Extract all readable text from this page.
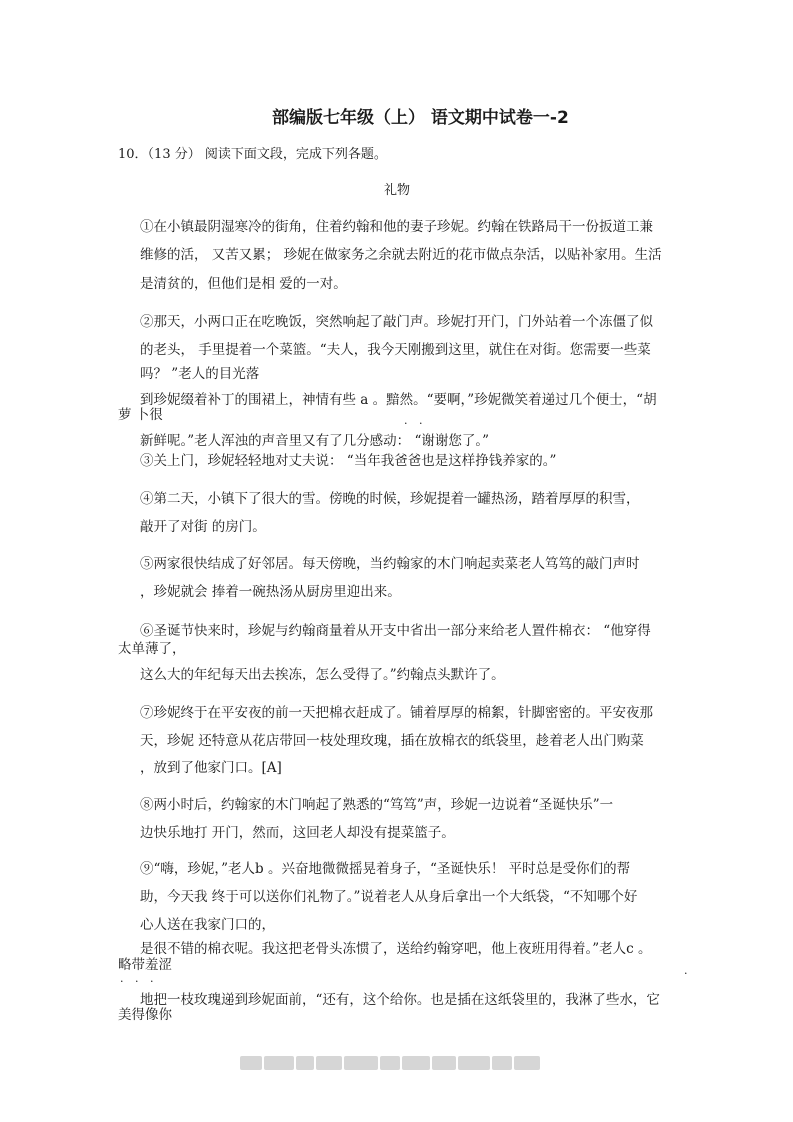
部编版七年级（上） 语文期中试卷一-2
10．（13 分） 阅读下面文段，完成下列各题。
礼物
①在小镇最阴湿寒冷的街角，住着约翰和他的妻子珍妮。约翰在铁路局干一份扳道工兼
维修的活， 又苦又累； 珍妮在做家务之余就去附近的花市做点杂活，以贴补家用。生活
是清贫的，但他们是相 爱的一对。
②那天，小两口正在吃晚饭，突然响起了敲门声。珍妮打开门，门外站着一个冻僵了似
的老头， 手里提着一个菜篮。“夫人，我今天刚搬到这里，就住在对街。您需要一些菜
吗？ ”老人的目光落
到珍妮缀着补丁的围裙上，神情有些 a 。黯然。“要啊，”珍妮微笑着递过几个便士，“胡
萝 卜很	. .
新鲜呢。”老人浑浊的声音里又有了几分感动： “谢谢您了。”
③关上门，珍妮轻轻地对丈夫说： “当年我爸爸也是这样挣钱养家的。”
④第二天，小镇下了很大的雪。傍晚的时候，珍妮提着一罐热汤，踏着厚厚的积雪，
敲开了对街 的房门。
⑤两家很快结成了好邻居。每天傍晚，当约翰家的木门响起卖菜老人笃笃的敲门声时
，珍妮就会 捧着一碗热汤从厨房里迎出来。
⑥圣诞节快来时，珍妮与约翰商量着从开支中省出一部分来给老人置件棉衣： “他穿得
太单薄了，
这么大的年纪每天出去挨冻，怎么受得了。”约翰点头默许了。
⑦珍妮终于在平安夜的前一天把棉衣赶成了。铺着厚厚的棉絮，针脚密密的。平安夜那
天，珍妮 还特意从花店带回一枝处理玫瑰，插在放棉衣的纸袋里，趁着老人出门购菜
，放到了他家门口。[A]
⑧两小时后，约翰家的木门响起了熟悉的“笃笃”声，珍妮一边说着“圣诞快乐”一
边快乐地打 开门，然而，这回老人却没有提菜篮子。
⑨“嗨，珍妮，”老人b 。兴奋地微微摇晃着身子，“圣诞快乐！ 平时总是受你们的帮
助，今天我 终于可以送你们礼物了。”说着老人从身后拿出一个大纸袋，“不知哪个好
心人送在我家门口的，
是很不错的棉衣呢。我这把老骨头冻惯了，送给约翰穿吧，他上夜班用得着。”老人c 。
略带羞涩
. . .
.
地把一枝玫瑰递到珍妮面前，“还有，这个给你。也是插在这纸袋里的，我淋了些水，它
美得像你
